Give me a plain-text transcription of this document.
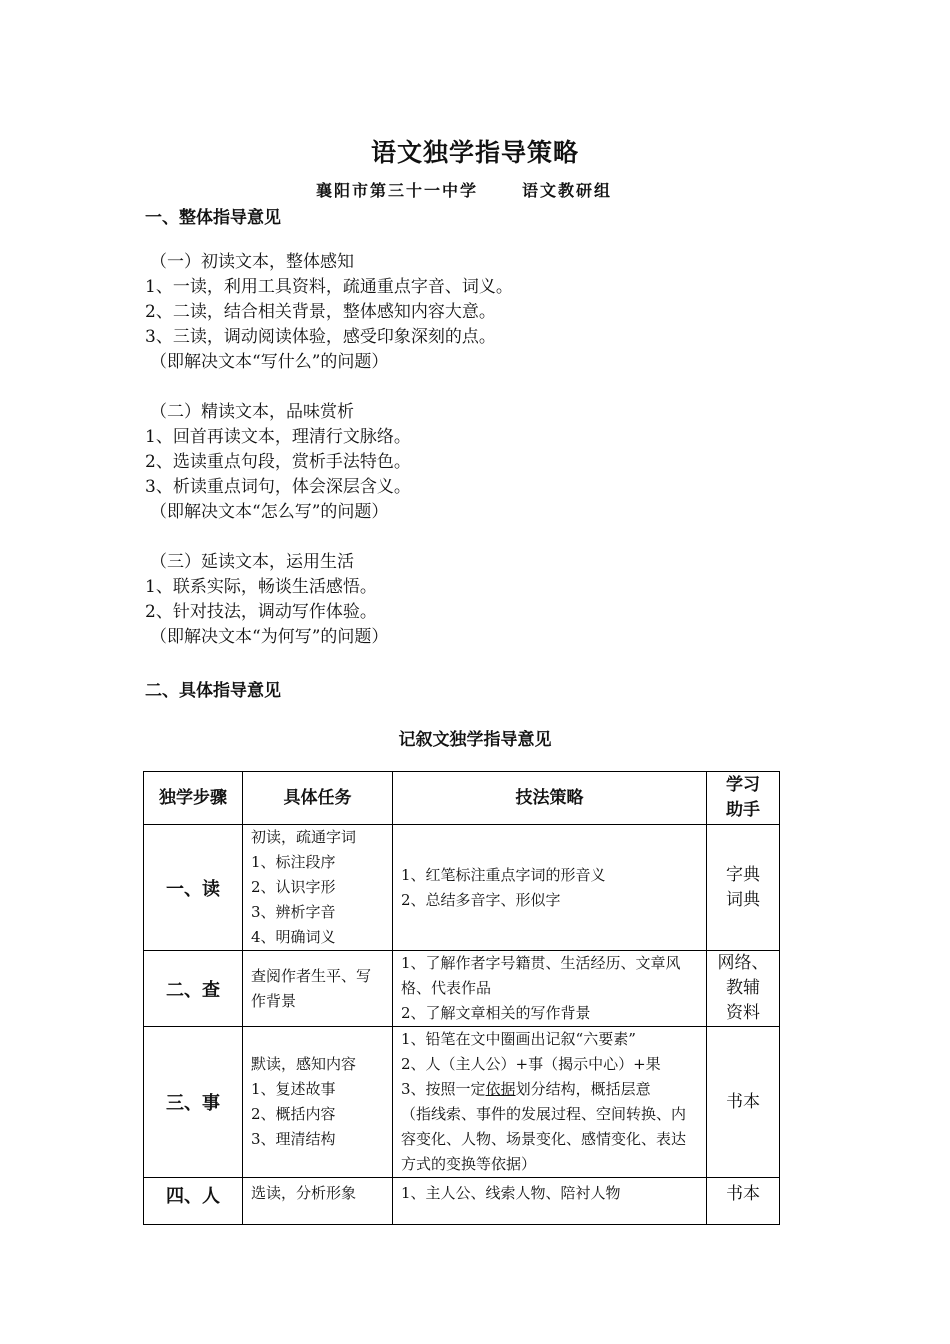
语文独学指导策略
襄阳市第三十一中学	语文教研组
一、整体指导意见
（一）初读文本，整体感知
1、一读，利用工具资料，疏通重点字音、词义。
2、二读，结合相关背景，整体感知内容大意。
3、三读，调动阅读体验，感受印象深刻的点。
（即解决文本“写什么”的问题）
（二）精读文本，品味赏析
1、回首再读文本，理清行文脉络。
2、选读重点句段，赏析手法特色。
3、析读重点词句，体会深层含义。
（即解决文本“怎么写”的问题）
（三）延读文本，运用生活
1、联系实际，畅谈生活感悟。
2、针对技法，调动写作体验。
（即解决文本“为何写”的问题）
二、具体指导意见
记叙文独学指导意见
独学步骤	具体任务	技法策略	学习
助手

一、读	初读，疏通字词
1、标注段序
2、认识字形
3、辨析字音
4、明确词义	1、红笔标注重点字词的形音义
2、总结多音字、形似字	字典
词典

二、查	查阅作者生平、写作背景	1、了解作者字号籍贯、生活经历、文章风格、代表作品
2、了解文章相关的写作背景	网络、
教辅
资料

三、事	默读，感知内容
1、复述故事
2、概括内容
3、理清结构	1、铅笔在文中圈画出记叙“六要素”
2、人（主人公）+事（揭示中心）+果
3、按照一定依据划分结构，概括层意
（指线索、事件的发展过程、空间转换、内容变化、人物、场景变化、感情变化、表达方式的变换等依据）	书本

四、人	选读，分析形象	1、主人公、线索人物、陪衬人物	书本
